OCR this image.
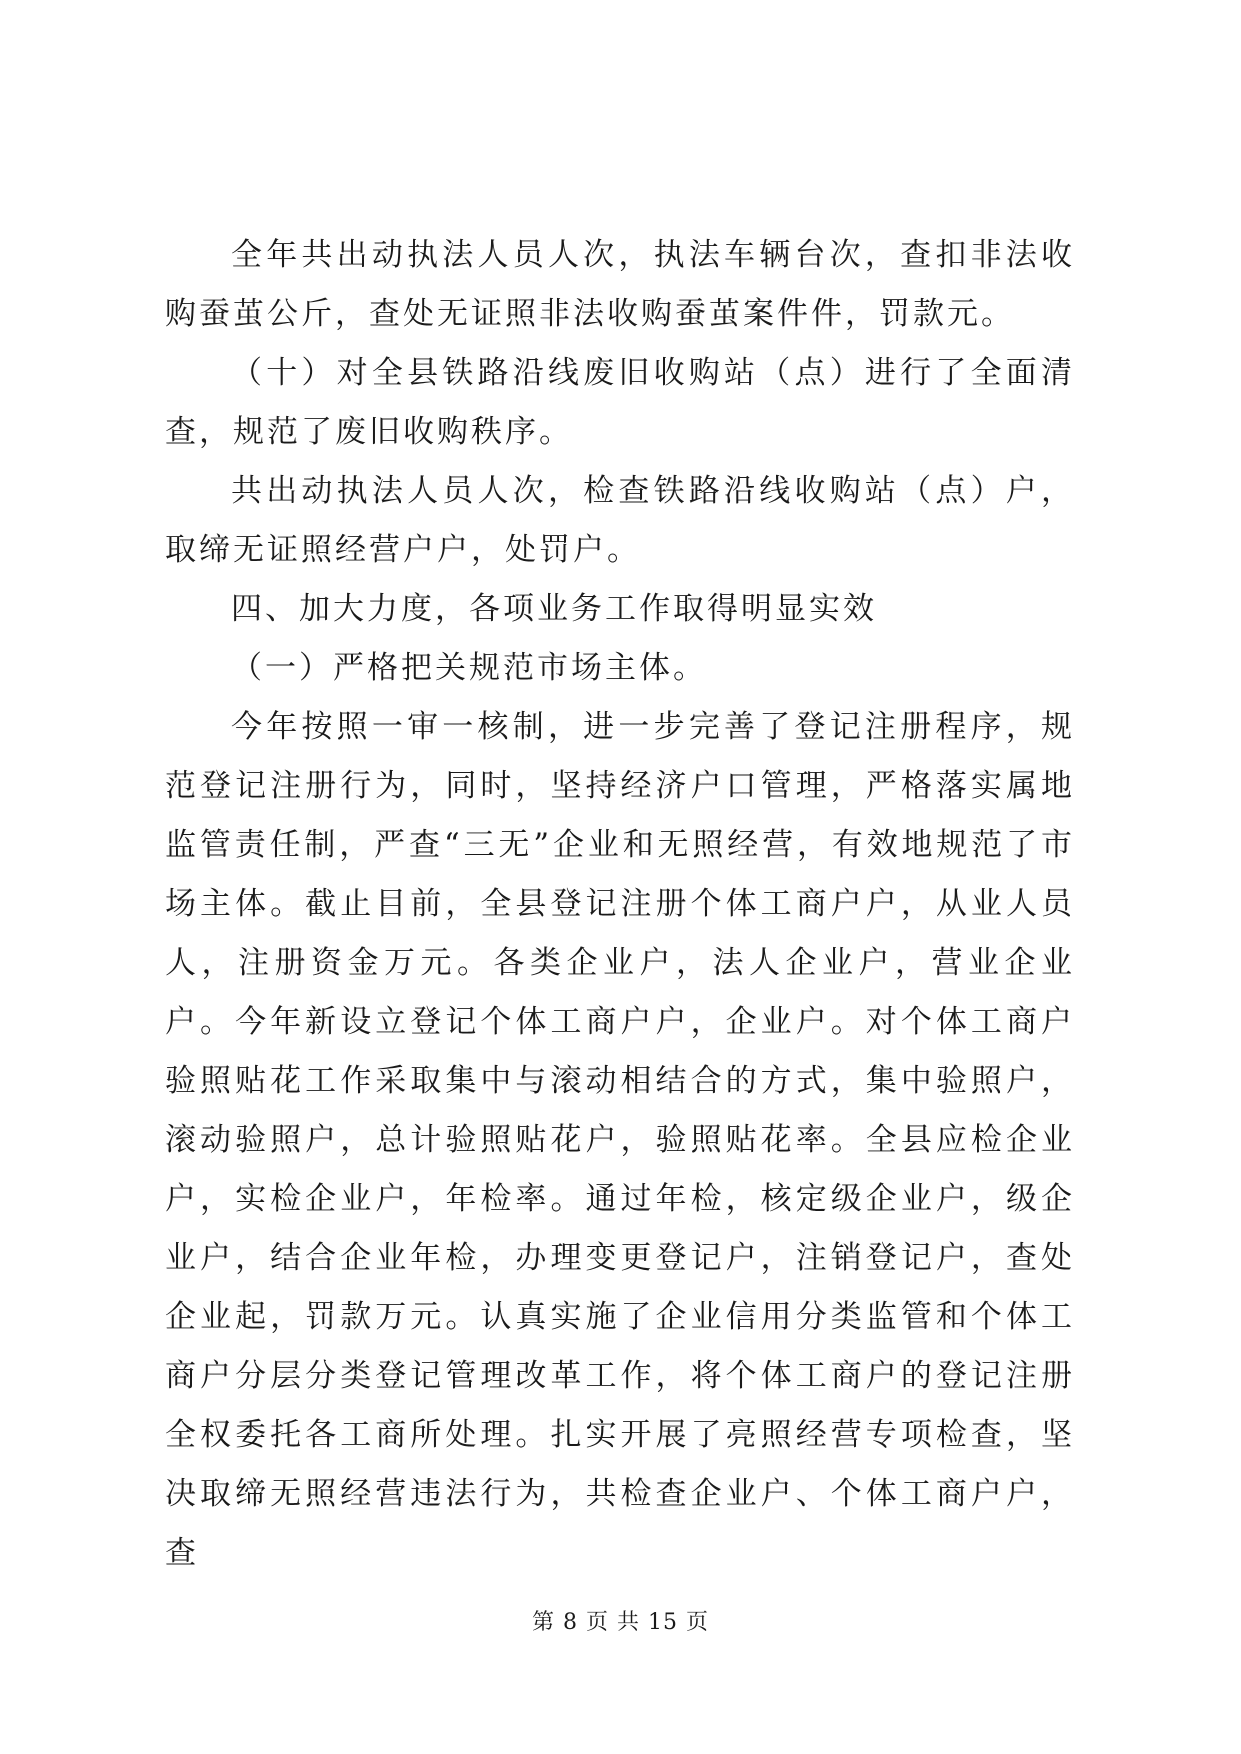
全年共出动执法人员人次，执法车辆台次，查扣非法收购蚕茧公斤，查处无证照非法收购蚕茧案件件，罚款元。

（十）对全县铁路沿线废旧收购站（点）进行了全面清查，规范了废旧收购秩序。

共出动执法人员人次，检查铁路沿线收购站（点）户，取缔无证照经营户户，处罚户。

四、加大力度，各项业务工作取得明显实效

（一）严格把关规范市场主体。

今年按照一审一核制，进一步完善了登记注册程序，规范登记注册行为，同时，坚持经济户口管理，严格落实属地监管责任制，严查“三无”企业和无照经营，有效地规范了市场主体。截止目前，全县登记注册个体工商户户，从业人员人，注册资金万元。各类企业户，法人企业户，营业企业户。今年新设立登记个体工商户户，企业户。对个体工商户验照贴花工作采取集中与滚动相结合的方式，集中验照户，滚动验照户，总计验照贴花户，验照贴花率。全县应检企业户，实检企业户，年检率。通过年检，核定级企业户，级企业户，结合企业年检，办理变更登记户，注销登记户，查处企业起，罚款万元。认真实施了企业信用分类监管和个体工商户分层分类登记管理改革工作，将个体工商户的登记注册全权委托各工商所处理。扎实开展了亮照经营专项检查，坚决取缔无照经营违法行为，共检查企业户、个体工商户户，查

第 8 页 共 15 页
